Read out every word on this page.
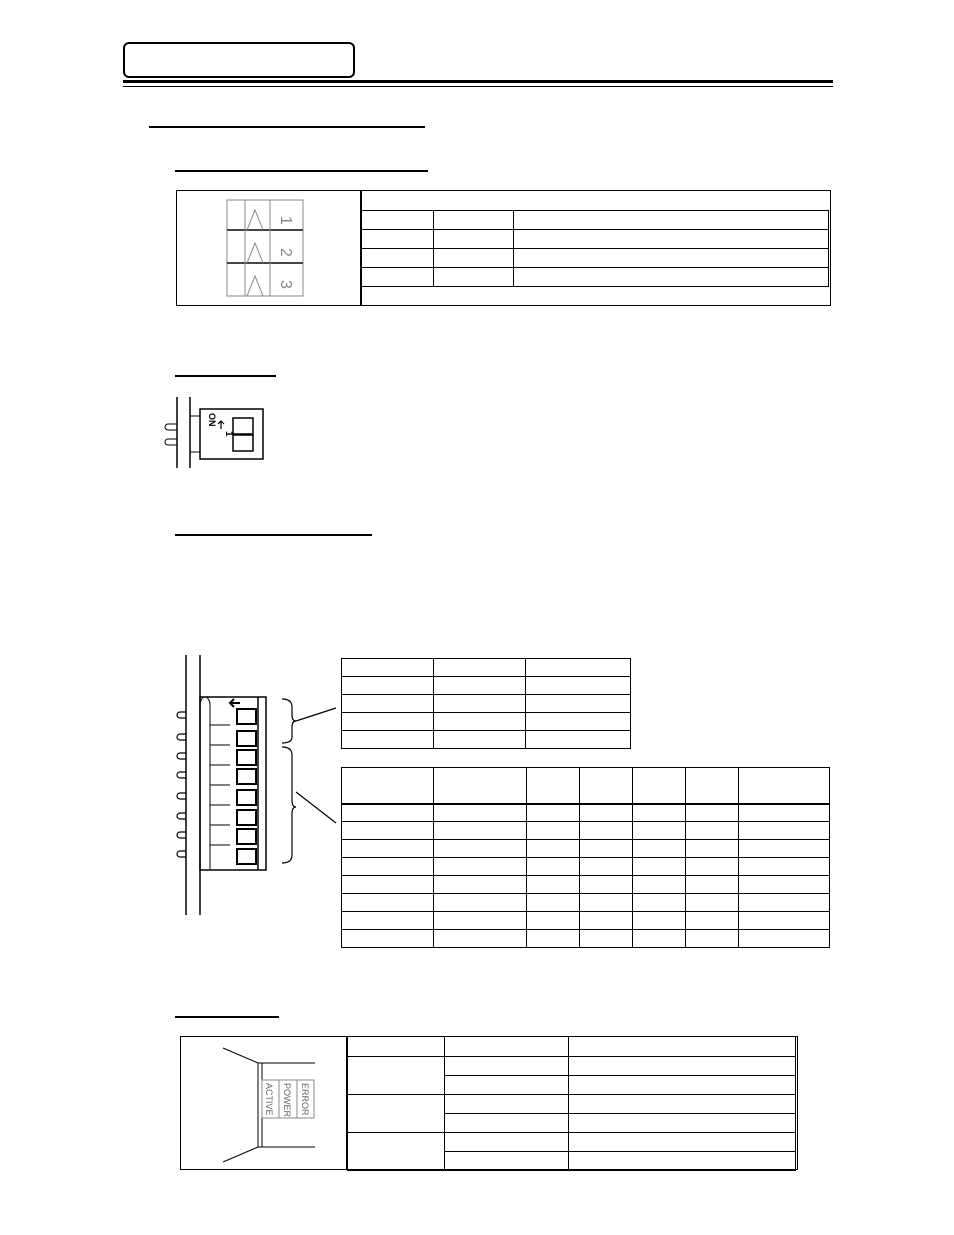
1
2
3

ON
1

ACTIVE POWER ERROR
